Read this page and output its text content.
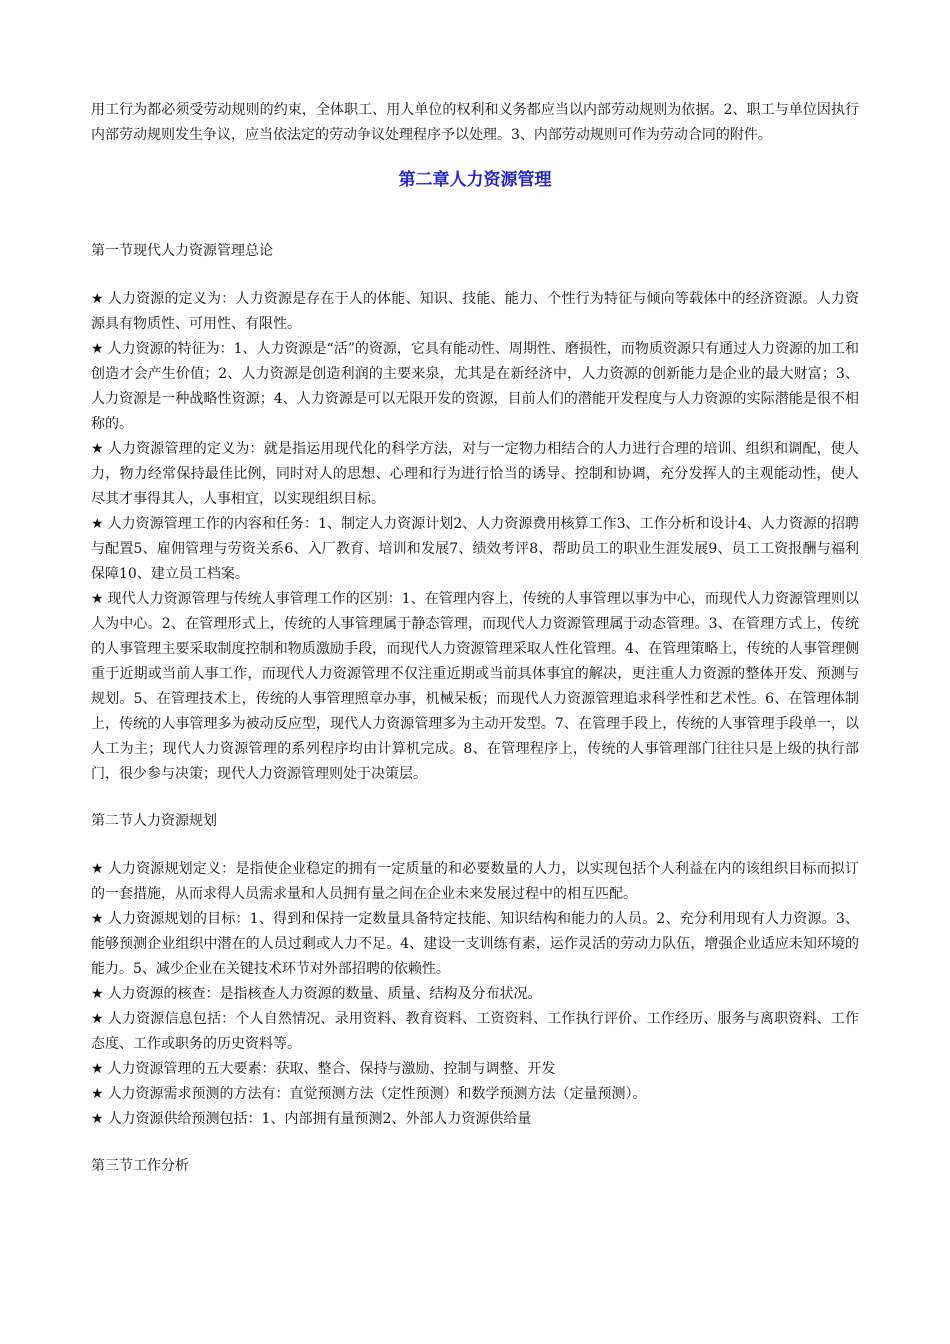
用工行为都必须受劳动规则的约束，全体职工、用人单位的权利和义务都应当以内部劳动规则为依据。2、职工与单位因执行内部劳动规则发生争议，应当依法定的劳动争议处理程序予以处理。3、内部劳动规则可作为劳动合同的附件。

第二章人力资源管理

第一节现代人力资源管理总论

★ 人力资源的定义为：人力资源是存在于人的体能、知识、技能、能力、个性行为特征与倾向等载体中的经济资源。人力资源具有物质性、可用性、有限性。

★ 人力资源的特征为：1、人力资源是“活”的资源，它具有能动性、周期性、磨损性，而物质资源只有通过人力资源的加工和创造才会产生价值；2、人力资源是创造利润的主要来泉，尤其是在新经济中，人力资源的创新能力是企业的最大财富；3、人力资源是一种战略性资源；4、人力资源是可以无限开发的资源，目前人们的潜能开发程度与人力资源的实际潜能是很不相称的。

★ 人力资源管理的定义为：就是指运用现代化的科学方法，对与一定物力相结合的人力进行合理的培训、组织和调配，使人力，物力经常保持最佳比例，同时对人的思想、心理和行为进行恰当的诱导、控制和协调，充分发挥人的主观能动性，使人尽其才事得其人，人事相宜，以实现组织目标。

★ 人力资源管理工作的内容和任务：1、制定人力资源计划2、人力资源费用核算工作3、工作分析和设计4、人力资源的招聘与配置5、雇佣管理与劳资关系6、入厂教育、培训和发展7、绩效考评8、帮助员工的职业生涯发展9、员工工资报酬与福利保障10、建立员工档案。

★ 现代人力资源管理与传统人事管理工作的区别：1、在管理内容上，传统的人事管理以事为中心，而现代人力资源管理则以人为中心。2、在管理形式上，传统的人事管理属于静态管理，而现代人力资源管理属于动态管理。3、在管理方式上，传统的人事管理主要采取制度控制和物质激励手段，而现代人力资源管理采取人性化管理。4、在管理策略上，传统的人事管理侧重于近期或当前人事工作，而现代人力资源管理不仅注重近期或当前具体事宜的解决，更注重人力资源的整体开发、预测与规划。5、在管理技术上，传统的人事管理照章办事，机械呆板；而现代人力资源管理追求科学性和艺术性。6、在管理体制上，传统的人事管理多为被动反应型，现代人力资源管理多为主动开发型。7、在管理手段上，传统的人事管理手段单一，以人工为主；现代人力资源管理的系列程序均由计算机完成。8、在管理程序上，传统的人事管理部门往往只是上级的执行部门，很少参与决策；现代人力资源管理则处于决策层。

第二节人力资源规划

★ 人力资源规划定义：是指使企业稳定的拥有一定质量的和必要数量的人力，以实现包括个人利益在内的该组织目标而拟订的一套措施，从而求得人员需求量和人员拥有量之间在企业未来发展过程中的相互匹配。

★ 人力资源规划的目标：1、得到和保持一定数量具备特定技能、知识结构和能力的人员。2、充分利用现有人力资源。3、能够预测企业组织中潜在的人员过剩或人力不足。4、建设一支训练有素，运作灵活的劳动力队伍，增强企业适应未知环境的能力。5、减少企业在关键技术环节对外部招聘的依赖性。

★ 人力资源的核查：是指核查人力资源的数量、质量、结构及分布状况。

★ 人力资源信息包括：个人自然情况、录用资料、教育资料、工资资料、工作执行评价、工作经历、服务与离职资料、工作态度、工作或职务的历史资料等。

★ 人力资源管理的五大要素：获取、整合、保持与激励、控制与调整、开发

★ 人力资源需求预测的方法有：直觉预测方法（定性预测）和数学预测方法（定量预测）。

★ 人力资源供给预测包括：1、内部拥有量预测2、外部人力资源供给量

第三节工作分析
